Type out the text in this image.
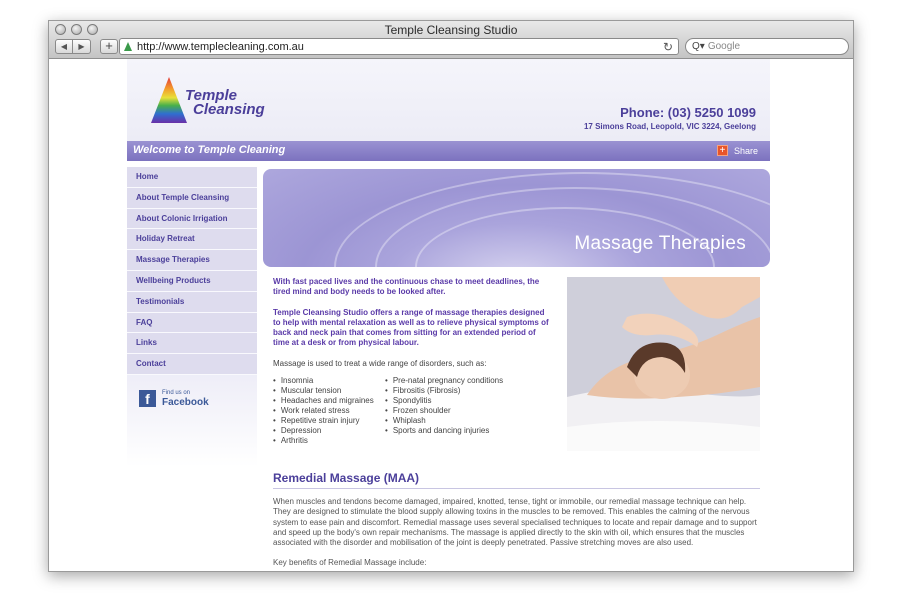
Temple Cleansing Studio
◀ ▶	+	http://www.templecleaning.com.au	↻ Q▾ Google
Temple
Cleansing	Phone: (03) 5250 1099
17 Simons Road, Leopold, VIC 3224, Geelong
Welcome to Temple Cleaning	+ Share
Home
About Temple Cleansing
About Colonic Irrigation
Holiday Retreat
Massage Therapies
Wellbeing Products
Testimonials
FAQ
Links
Contact
f	Find us on
Facebook
Massage Therapies

With fast paced lives and the continuous chase to meet deadlines, the tired mind and body needs to be looked after.

Temple Cleansing Studio offers a range of massage therapies designed to help with mental relaxation as well as to relieve physical symptoms of back and neck pain that comes from sitting for an extended period of time at a desk or from physical labour.

Massage is used to treat a wide range of disorders, such as:
• Insomnia
• Muscular tension
• Headaches and migraines
• Work related stress
• Repetitive strain injury
• Depression
• Arthritis
• Pre-natal pregnancy conditions
• Fibrositis (Fibrosis)
• Spondylitis
• Frozen shoulder
• Whiplash
• Sports and dancing injuries
Remedial Massage (MAA)
When muscles and tendons become damaged, impaired, knotted, tense, tight or immobile, our remedial massage technique can help. They are designed to stimulate the blood supply allowing toxins in the muscles to be removed. This enables the calming of the nervous system to ease pain and discomfort. Remedial massage uses several specialised techniques to locate and repair damage and to support and speed up the body's own repair mechanisms. The massage is applied directly to the skin with oil, which ensures that the muscles associated with the disorder and mobilisation of the joint is deeply penetrated. Passive stretching moves are also used.
Key benefits of Remedial Massage include:
